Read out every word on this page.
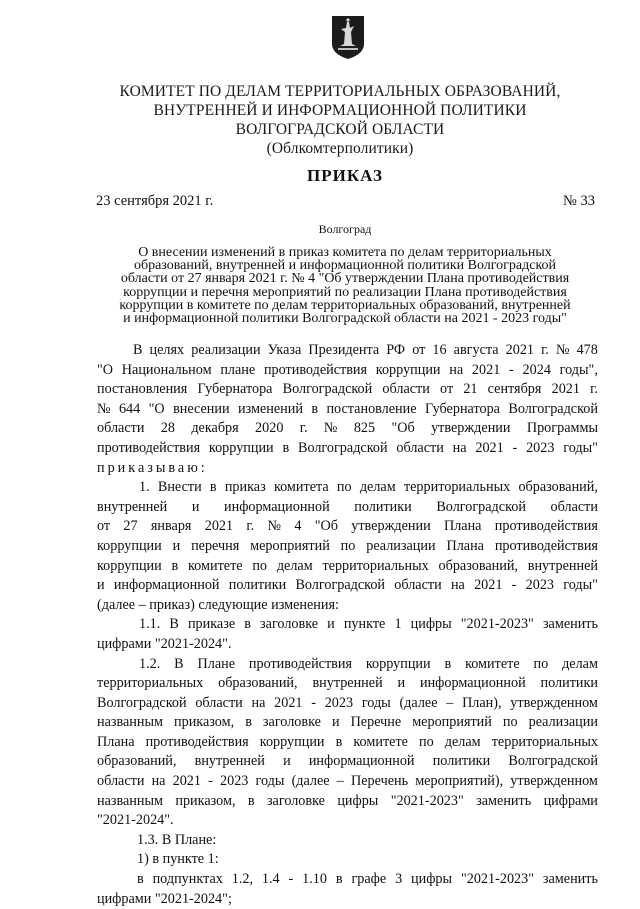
КОМИТЕТ ПО ДЕЛАМ ТЕРРИТОРИАЛЬНЫХ ОБРАЗОВАНИЙ,
ВНУТРЕННЕЙ И ИНФОРМАЦИОННОЙ ПОЛИТИКИ
ВОЛГОГРАДСКОЙ ОБЛАСТИ
(Облкомтерполитики)
ПРИКАЗ
23 сентября 2021 г.	№ 33
Волгоград
О внесении изменений в приказ комитета по делам территориальных
образований, внутренней и информационной политики Волгоградской
области от 27 января 2021 г. № 4 "Об утверждении Плана противодействия
коррупции и перечня мероприятий по реализации Плана противодействия
коррупции в комитете по делам территориальных образований, внутренней
и информационной политики Волгоградской области на 2021 - 2023 годы"
В целях реализации Указа Президента РФ от 16 августа 2021 г. № 478
"О Национальном плане противодействия коррупции на 2021 - 2024 годы",
постановления Губернатора Волгоградской области от 21 сентября 2021 г.
№ 644 "О внесении изменений в постановление Губернатора Волгоградской
области 28 декабря 2020 г. № 825 "Об утверждении Программы
противодействия коррупции в Волгоградской области на 2021 - 2023 годы"
приказываю:
1. Внести в приказ комитета по делам территориальных образований,
внутренней и информационной политики Волгоградской области
от 27 января 2021 г. № 4 "Об утверждении Плана противодействия
коррупции и перечня мероприятий по реализации Плана противодействия
коррупции в комитете по делам территориальных образований, внутренней
и информационной политики Волгоградской области на 2021 - 2023 годы"
(далее – приказ) следующие изменения:
1.1. В приказе в заголовке и пункте 1 цифры "2021-2023" заменить
цифрами "2021-2024".
1.2. В Плане противодействия коррупции в комитете по делам
территориальных образований, внутренней и информационной политики
Волгоградской области на 2021 - 2023 годы (далее – План), утвержденном
названным приказом, в заголовке и Перечне мероприятий по реализации
Плана противодействия коррупции в комитете по делам территориальных
образований, внутренней и информационной политики Волгоградской
области на 2021 - 2023 годы (далее – Перечень мероприятий), утвержденном
названным приказом, в заголовке цифры "2021-2023" заменить цифрами
"2021-2024".
1.3. В Плане:
1) в пункте 1:
в подпунктах 1.2, 1.4 - 1.10 в графе 3 цифры "2021-2023" заменить
цифрами "2021-2024";
